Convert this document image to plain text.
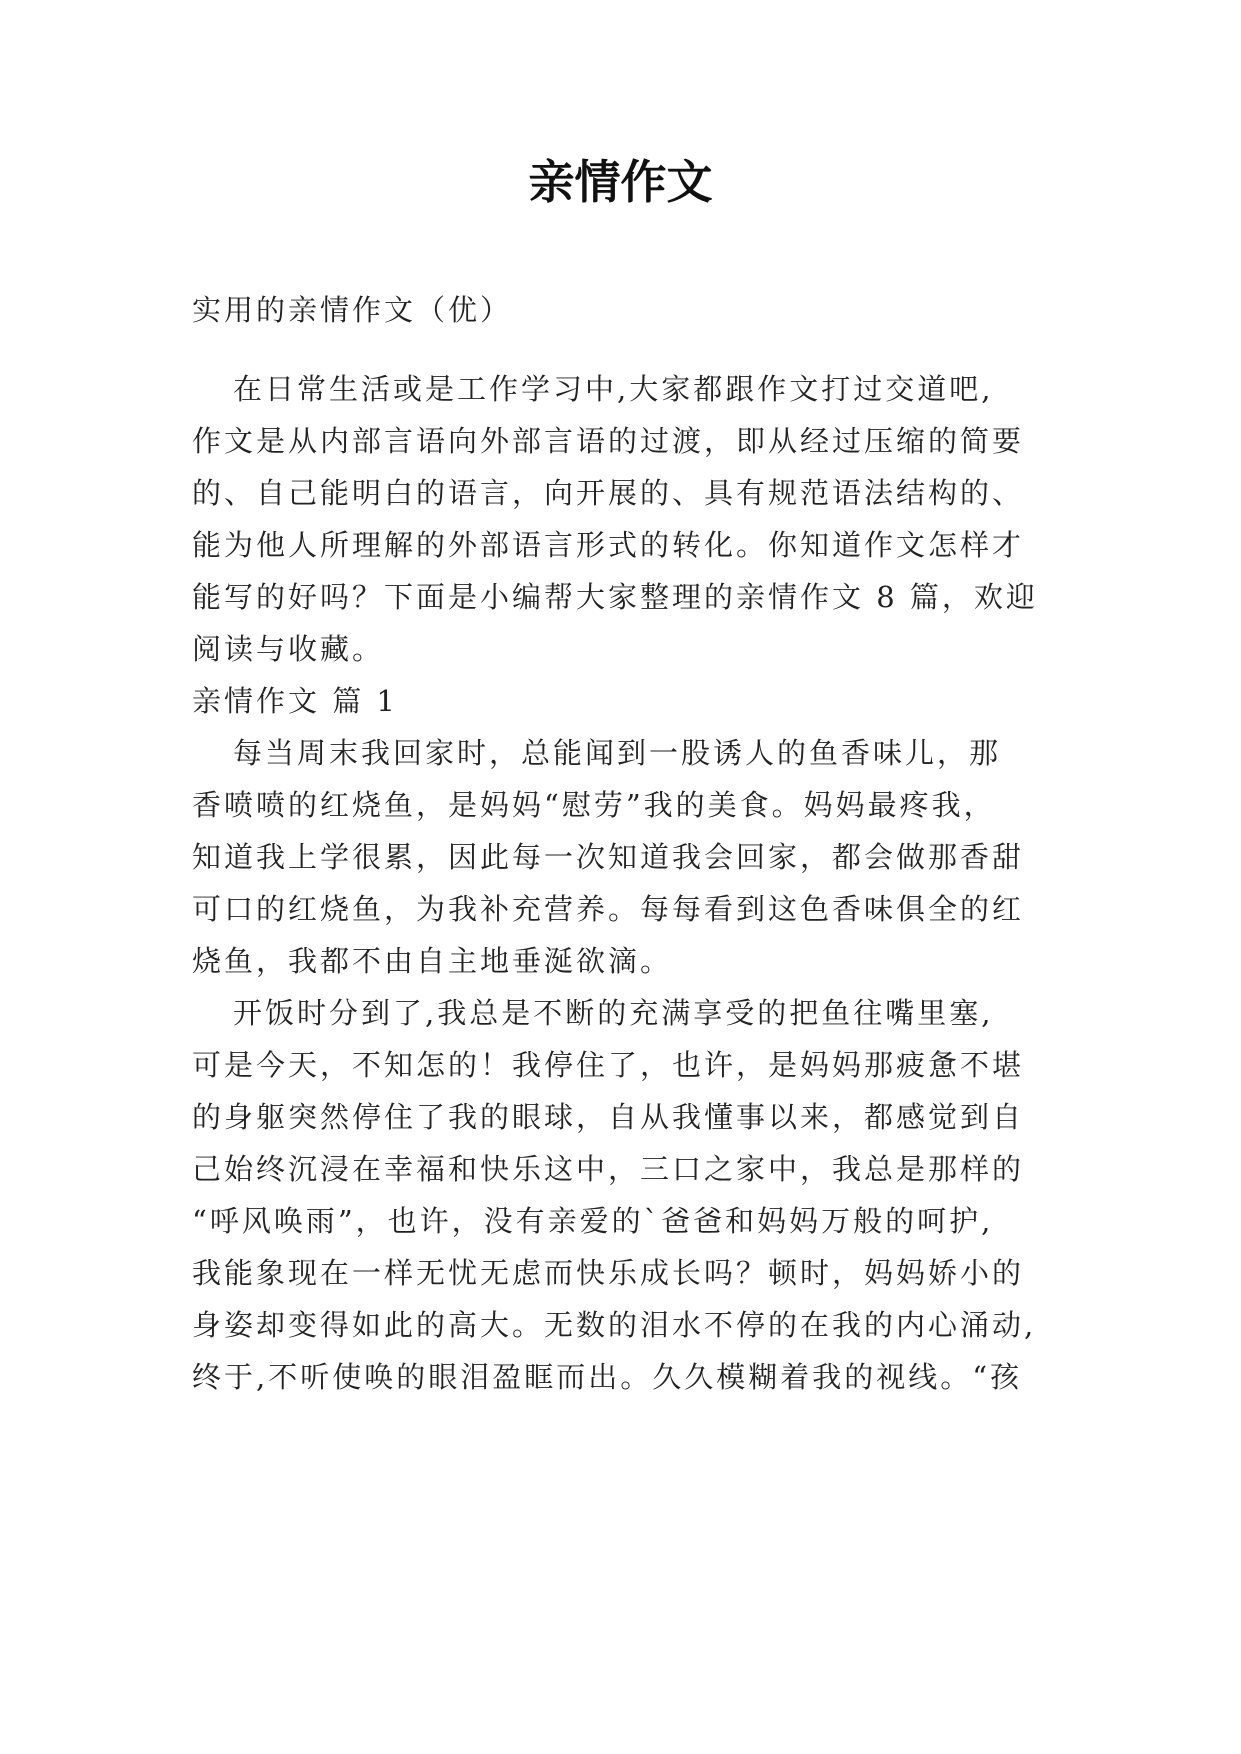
亲情作文
实用的亲情作文（优）
在日常生活或是工作学习中,大家都跟作文打过交道吧,
作文是从内部言语向外部言语的过渡，即从经过压缩的简要
的、自己能明白的语言，向开展的、具有规范语法结构的、
能为他人所理解的外部语言形式的转化。你知道作文怎样才
能写的好吗？下面是小编帮大家整理的亲情作文 8 篇，欢迎
阅读与收藏。
亲情作文 篇 1
每当周末我回家时，总能闻到一股诱人的鱼香味儿，那
香喷喷的红烧鱼，是妈妈“慰劳”我的美食。妈妈最疼我，
知道我上学很累，因此每一次知道我会回家，都会做那香甜
可口的红烧鱼，为我补充营养。每每看到这色香味俱全的红
烧鱼，我都不由自主地垂涎欲滴。
开饭时分到了,我总是不断的充满享受的把鱼往嘴里塞,
可是今天，不知怎的！我停住了，也许，是妈妈那疲惫不堪
的身躯突然停住了我的眼球，自从我懂事以来，都感觉到自
己始终沉浸在幸福和快乐这中，三口之家中，我总是那样的
“呼风唤雨”，也许，没有亲爱的`爸爸和妈妈万般的呵护,
我能象现在一样无忧无虑而快乐成长吗？顿时，妈妈娇小的
身姿却变得如此的高大。无数的泪水不停的在我的内心涌动,
终于,不听使唤的眼泪盈眶而出。久久模糊着我的视线。“孩
